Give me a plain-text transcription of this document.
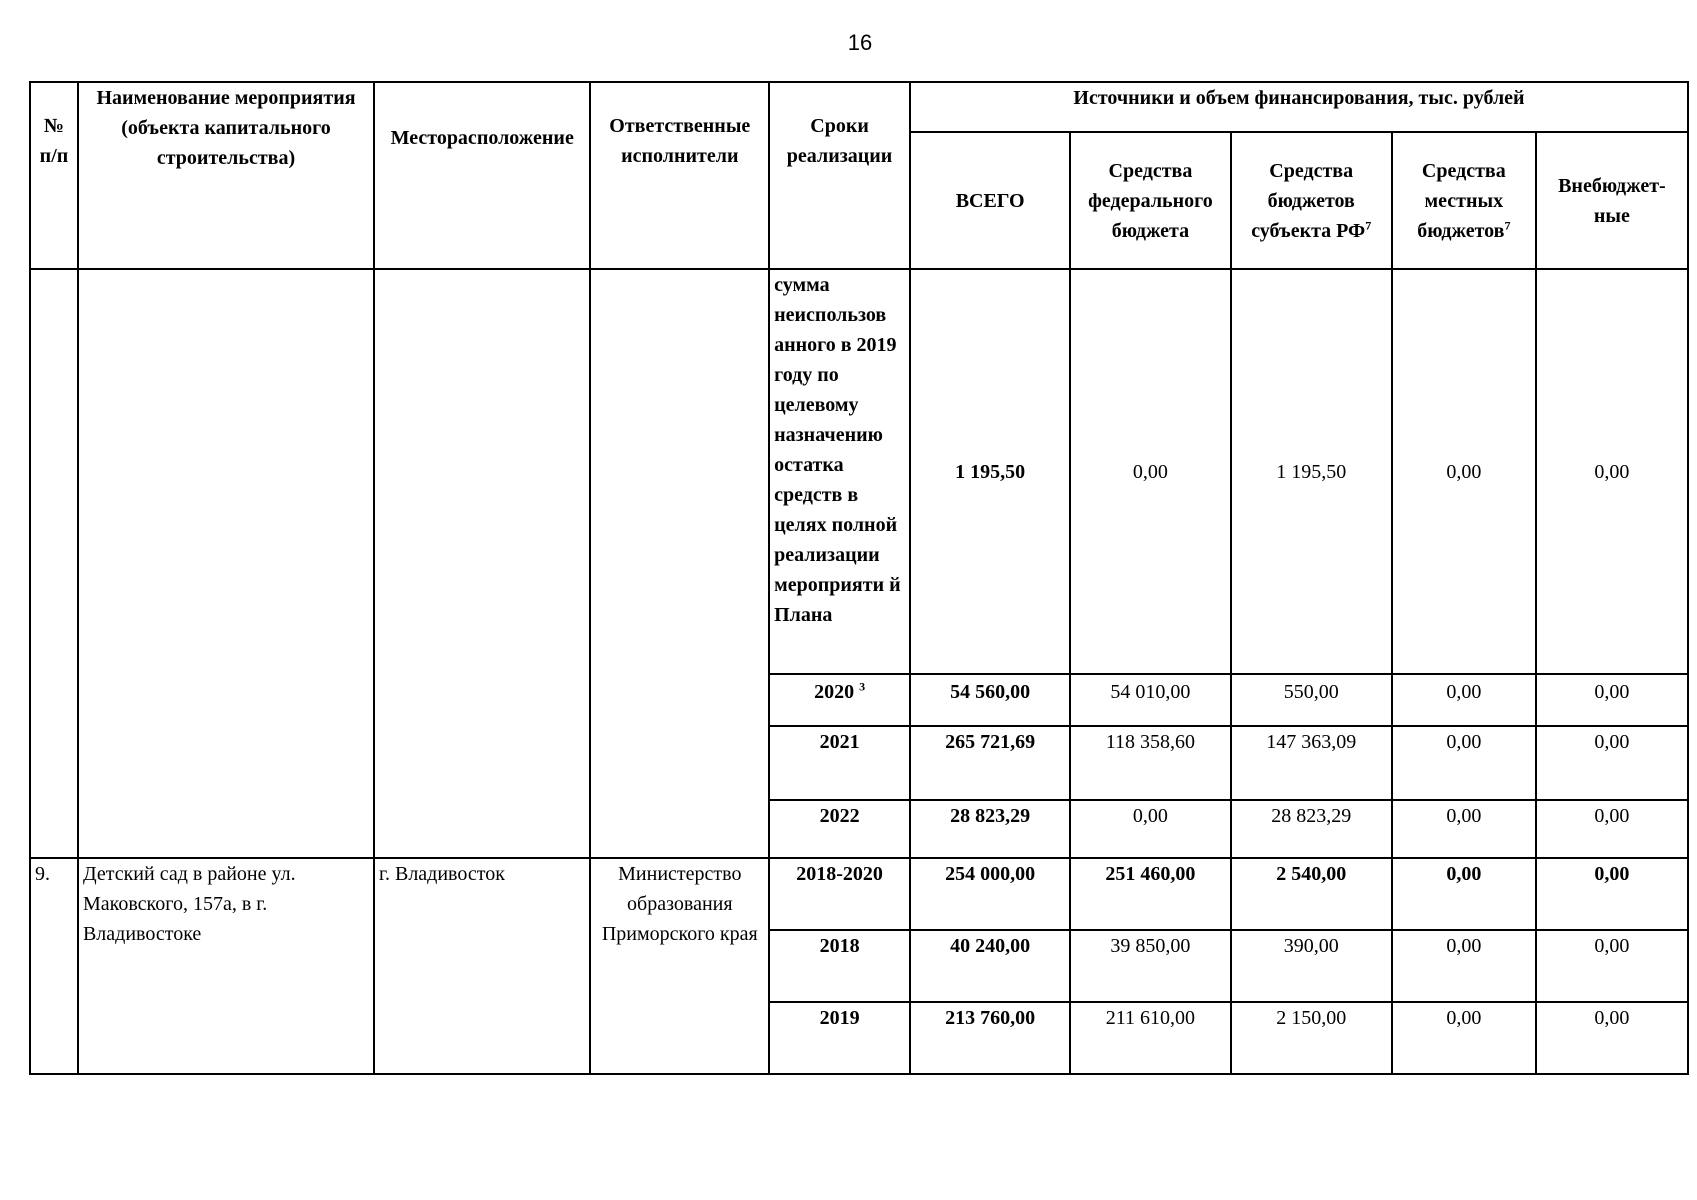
16
№ п/п	Наименование мероприятия (объекта капитального строительства)	Месторасположение	Ответственные исполнители	Сроки реализации	Источники и объем финансирования, тыс. рублей				
					ВСЕГО	Средства федерального бюджета	Средства бюджетов субъекта $РФ^7$	Средства местных бюджетов$^7$	Внебюджет-ные
				сумма неиспользов анного в 2019 году по целевому назначению остатка средств в целях полной реализации мероприяти й Плана	1 195,50	0,00	1 195,50	0,00	0,00
				2020 $^3$	54 560,00	54 010,00	550,00	0,00	0,00
				2021	265 721,69	118 358,60	147 363,09	0,00	0,00
				2022	28 823,29	0,00	28 823,29	0,00	0,00
9.	Детский сад в районе ул. Маковского, 157а, в г. Владивостоке	г. Владивосток	Министерство образования Приморского края	2018-2020	254 000,00	251 460,00	2 540,00	0,00	0,00
				2018	40 240,00	39 850,00	390,00	0,00	0,00
				2019	213 760,00	211 610,00	2 150,00	0,00	0,00
